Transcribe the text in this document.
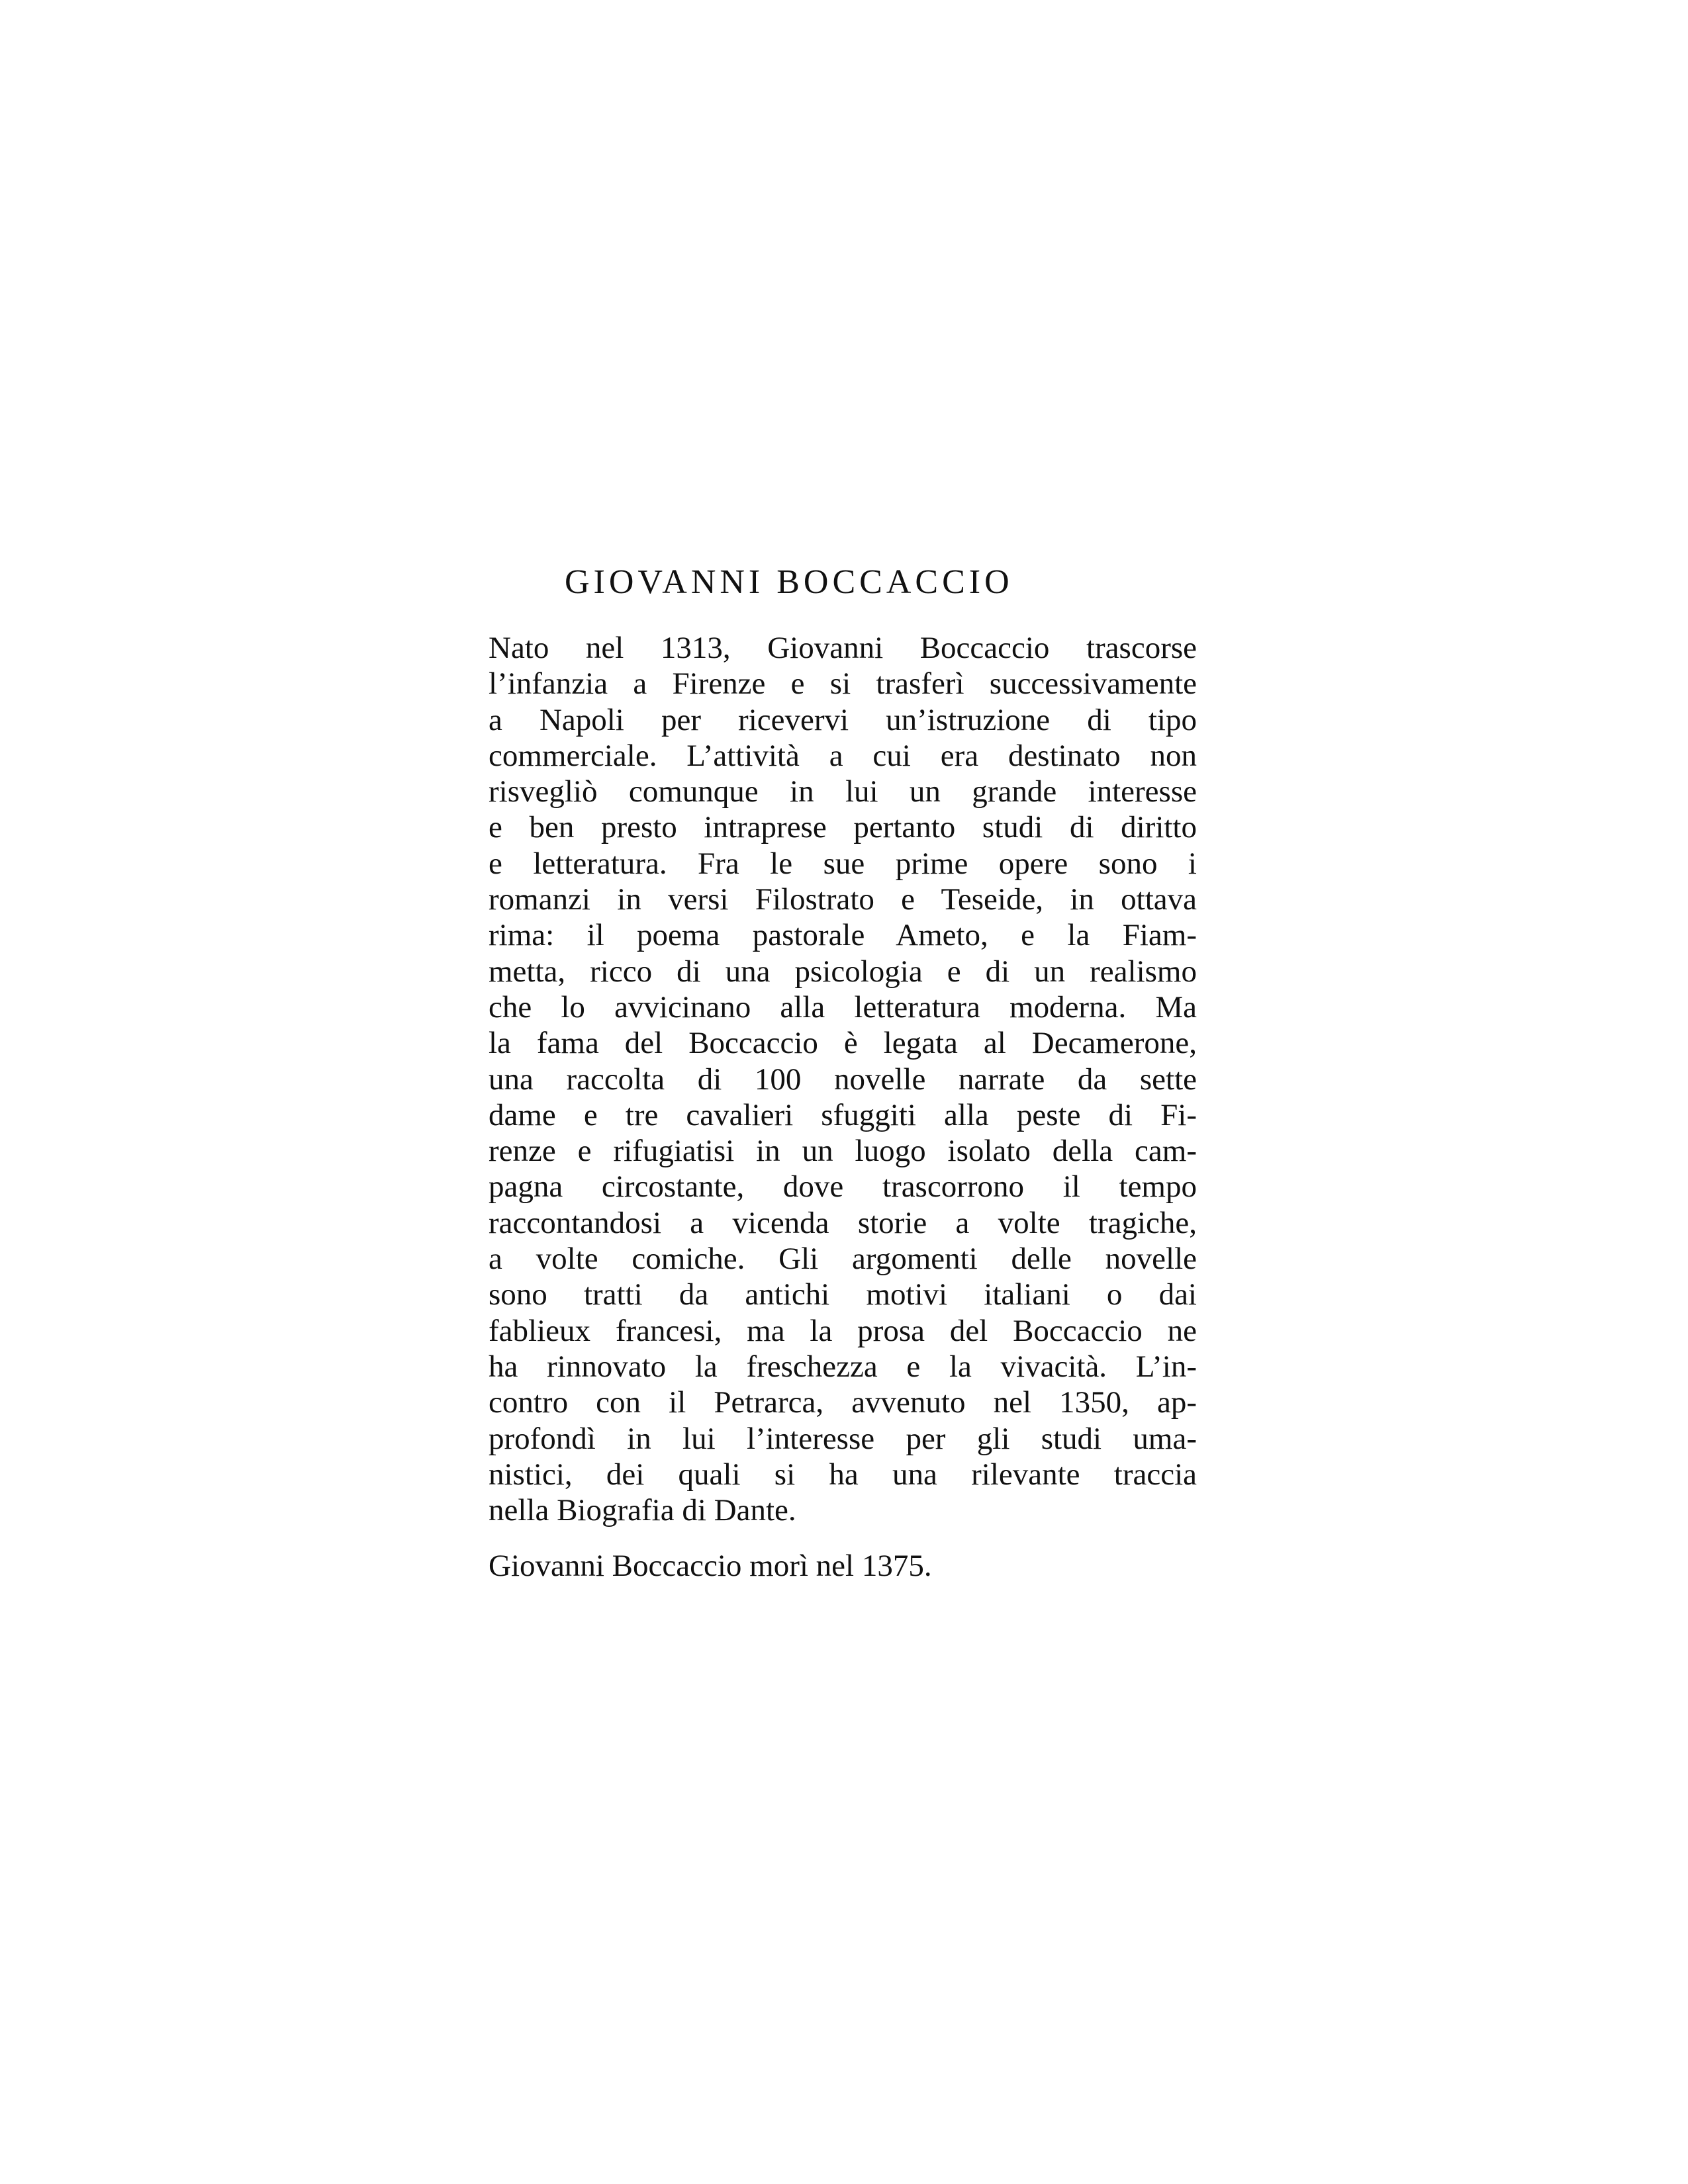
GIOVANNI BOCCACCIO

Nato nel 1313, Giovanni Boccaccio trascorse
l’infanzia a Firenze e si trasferì successivamente
a Napoli per ricevervi un’istruzione di tipo
commerciale. L’attività a cui era destinato non
risvegliò comunque in lui un grande interesse
e ben presto intraprese pertanto studi di diritto
e letteratura. Fra le sue prime opere sono i
romanzi in versi Filostrato e Teseide, in ottava
rima: il poema pastorale Ameto, e la Fiam-
metta, ricco di una psicologia e di un realismo
che lo avvicinano alla letteratura moderna. Ma
la fama del Boccaccio è legata al Decamerone,
una raccolta di 100 novelle narrate da sette
dame e tre cavalieri sfuggiti alla peste di Fi-
renze e rifugiatisi in un luogo isolato della cam-
pagna circostante, dove trascorrono il tempo
raccontandosi a vicenda storie a volte tragiche,
a volte comiche. Gli argomenti delle novelle
sono tratti da antichi motivi italiani o dai
fablieux francesi, ma la prosa del Boccaccio ne
ha rinnovato la freschezza e la vivacità. L’in-
contro con il Petrarca, avvenuto nel 1350, ap-
profondì in lui l’interesse per gli studi uma-
nistici, dei quali si ha una rilevante traccia
nella Biografia di Dante.

Giovanni Boccaccio morì nel 1375.
